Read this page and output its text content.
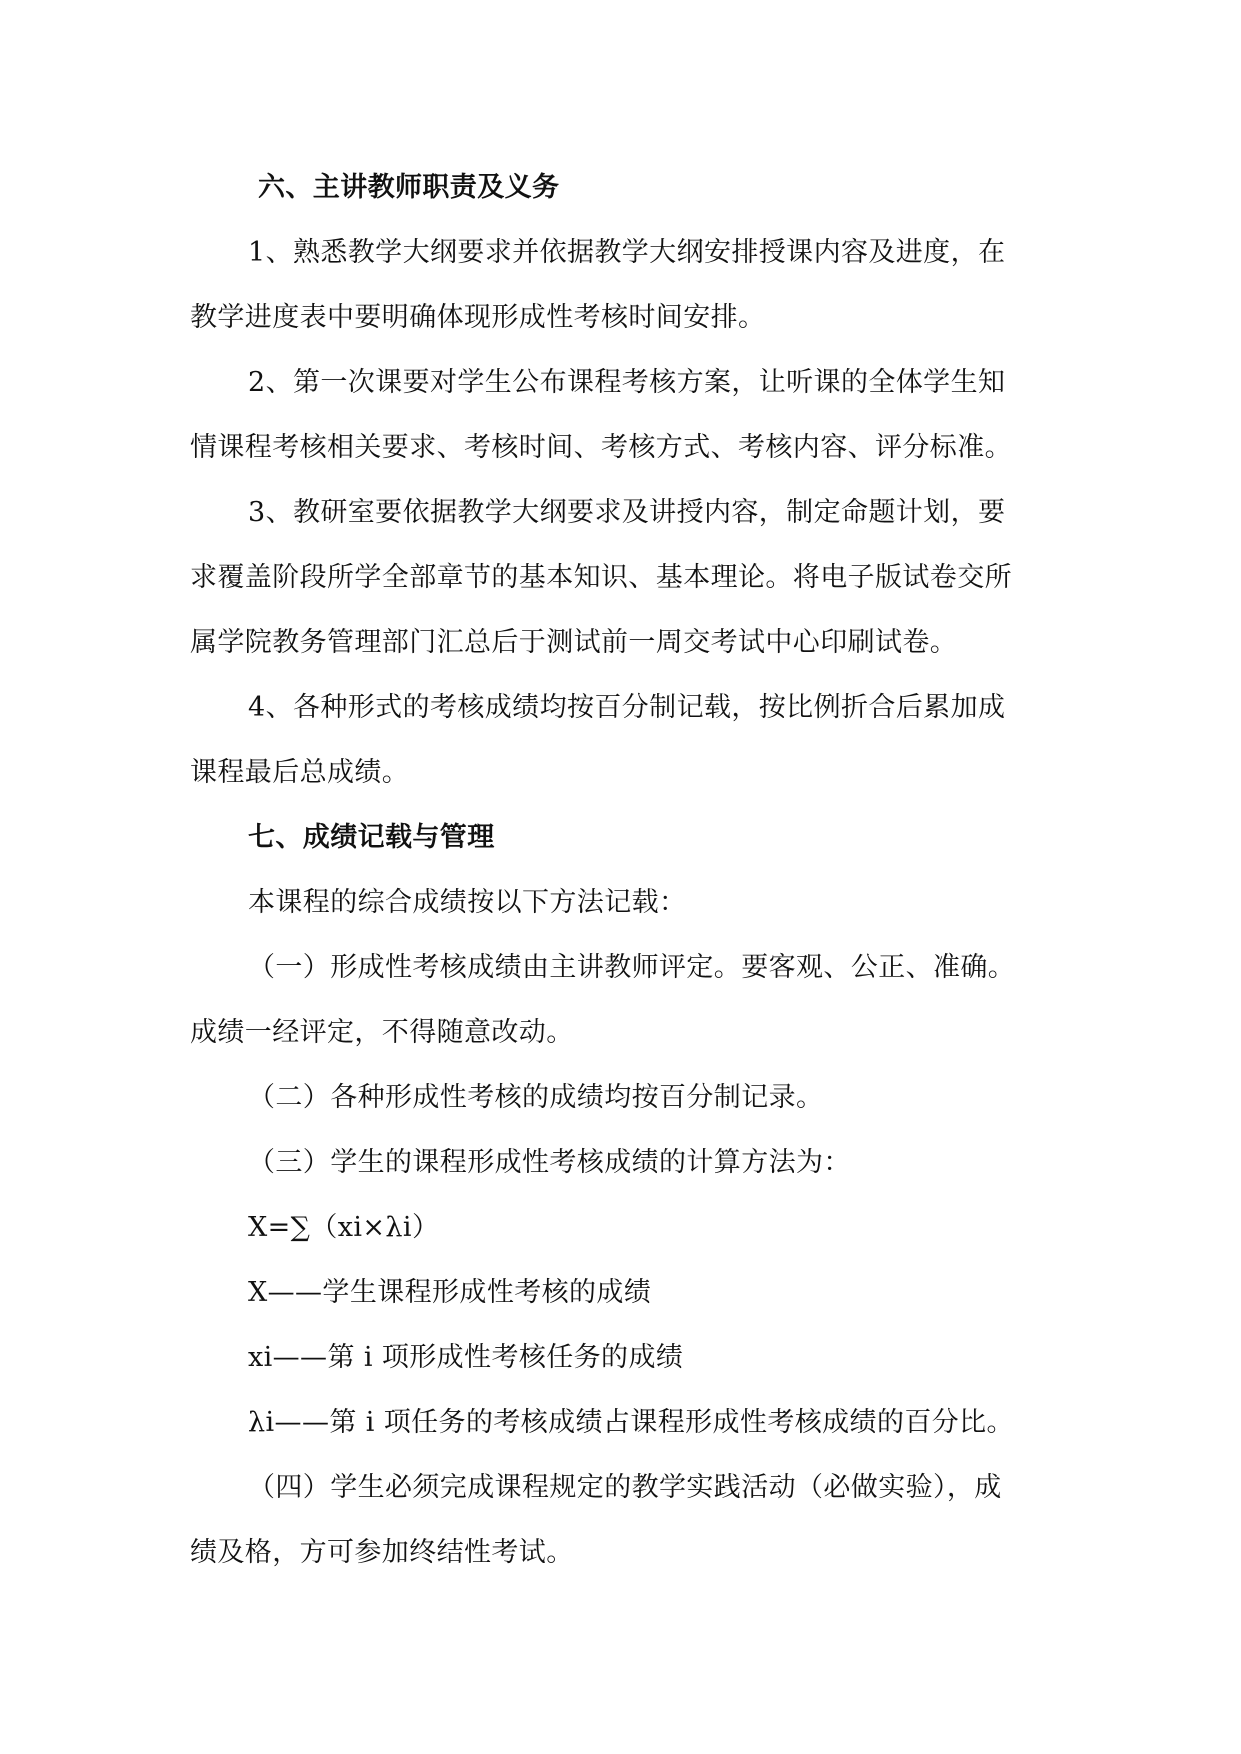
六、主讲教师职责及义务
1、熟悉教学大纲要求并依据教学大纲安排授课内容及进度，在
教学进度表中要明确体现形成性考核时间安排。
2、第一次课要对学生公布课程考核方案，让听课的全体学生知
情课程考核相关要求、考核时间、考核方式、考核内容、评分标准。
3、教研室要依据教学大纲要求及讲授内容，制定命题计划，要
求覆盖阶段所学全部章节的基本知识、基本理论。将电子版试卷交所
属学院教务管理部门汇总后于测试前一周交考试中心印刷试卷。
4、各种形式的考核成绩均按百分制记载，按比例折合后累加成
课程最后总成绩。
七、成绩记载与管理
本课程的综合成绩按以下方法记载：
（一）形成性考核成绩由主讲教师评定。要客观、公正、准确。
成绩一经评定，不得随意改动。
（二）各种形成性考核的成绩均按百分制记录。
（三）学生的课程形成性考核成绩的计算方法为：
X=∑（xi×λi）
X——学生课程形成性考核的成绩
xi——第 i 项形成性考核任务的成绩
λi——第 i 项任务的考核成绩占课程形成性考核成绩的百分比。
（四）学生必须完成课程规定的教学实践活动（必做实验），成
绩及格，方可参加终结性考试。
